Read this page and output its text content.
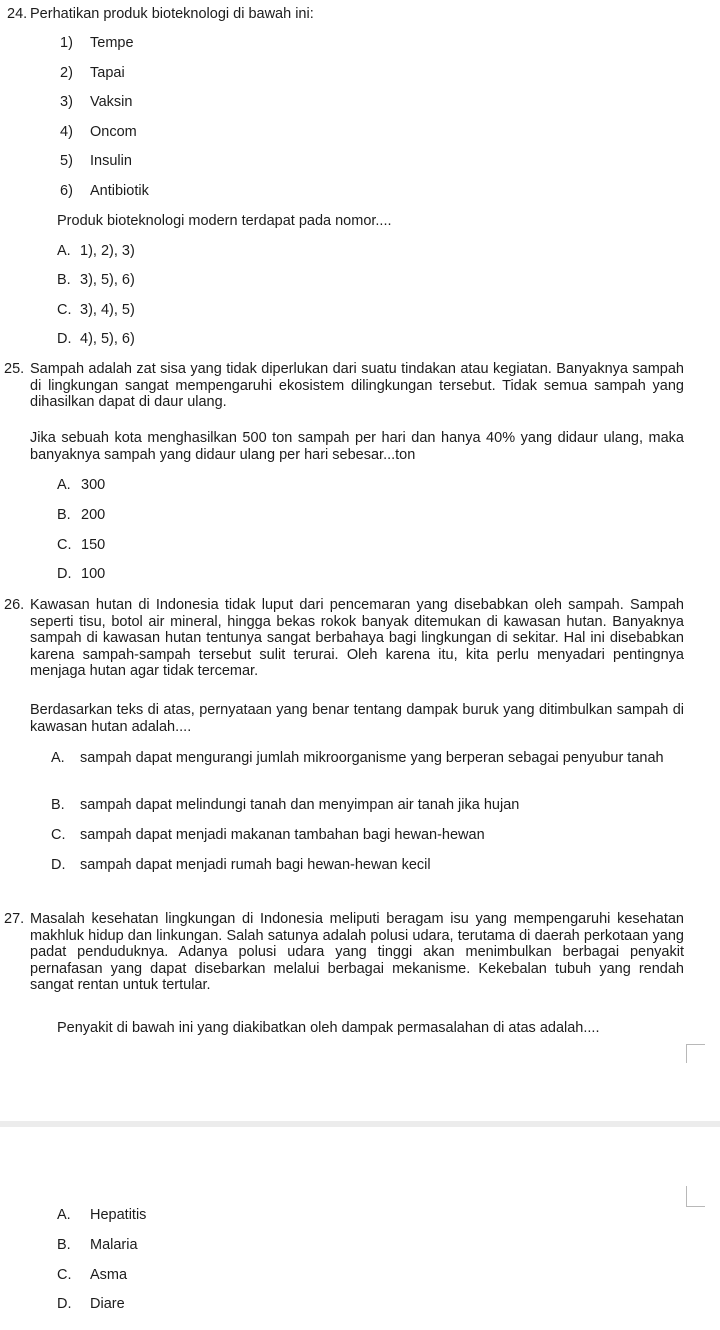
24. Perhatikan produk bioteknologi di bawah ini:

1) Tempe
2) Tapai
3) Vaksin
4) Oncom
5) Insulin
6) Antibiotik

Produk bioteknologi modern terdapat pada nomor....

A. 1), 2), 3)
B. 3), 5), 6)
C. 3), 4), 5)
D. 4), 5), 6)
25. Sampah adalah zat sisa yang tidak diperlukan dari suatu tindakan atau kegiatan. Banyaknya sampah di lingkungan sangat mempengaruhi ekosistem dilingkungan tersebut. Tidak semua sampah yang dihasilkan dapat di daur ulang.

Jika sebuah kota menghasilkan 500 ton sampah per hari dan hanya 40% yang didaur ulang, maka banyaknya sampah yang didaur ulang per hari sebesar...ton

A. 300
B. 200
C. 150
D. 100
26. Kawasan hutan di Indonesia tidak luput dari pencemaran yang disebabkan oleh sampah. Sampah seperti tisu, botol air mineral, hingga bekas rokok banyak ditemukan di kawasan hutan. Banyaknya sampah di kawasan hutan tentunya sangat berbahaya bagi lingkungan di sekitar. Hal ini disebabkan karena sampah-sampah tersebut sulit terurai. Oleh karena itu, kita perlu menyadari pentingnya menjaga hutan agar tidak tercemar.

Berdasarkan teks di atas, pernyataan yang benar tentang dampak buruk yang ditimbulkan sampah di kawasan hutan adalah....

A. sampah dapat mengurangi jumlah mikroorganisme yang berperan sebagai penyubur tanah
B. sampah dapat melindungi tanah dan menyimpan air tanah jika hujan
C. sampah dapat menjadi makanan tambahan bagi hewan-hewan
D. sampah dapat menjadi rumah bagi hewan-hewan kecil
27. Masalah kesehatan lingkungan di Indonesia meliputi beragam isu yang mempengaruhi kesehatan makhluk hidup dan linkungan. Salah satunya adalah polusi udara, terutama di daerah perkotaan yang padat penduduknya. Adanya polusi udara yang tinggi akan menimbulkan berbagai penyakit pernafasan yang dapat disebarkan melalui berbagai mekanisme. Kekebalan tubuh yang rendah sangat rentan untuk tertular.

Penyakit di bawah ini yang diakibatkan oleh dampak permasalahan di atas adalah....

A. Hepatitis
B. Malaria
C. Asma
D. Diare
